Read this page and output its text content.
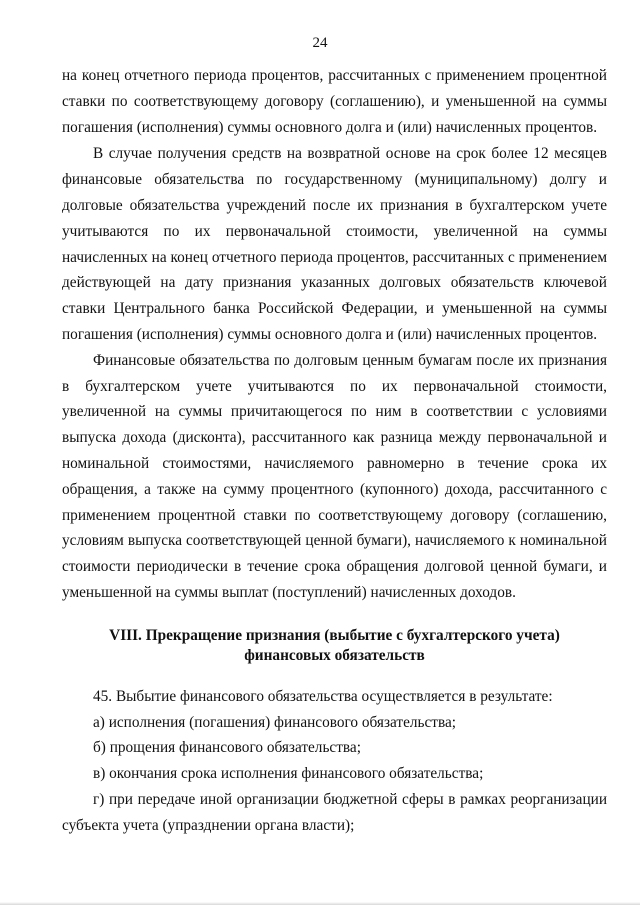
24

на конец отчетного периода процентов, рассчитанных с применением процентной ставки по соответствующему договору (соглашению), и уменьшенной на суммы погашения (исполнения) суммы основного долга и (или) начисленных процентов.

В случае получения средств на возвратной основе на срок более 12 месяцев финансовые обязательства по государственному (муниципальному) долгу и долговые обязательства учреждений после их признания в бухгалтерском учете учитываются по их первоначальной стоимости, увеличенной на суммы начисленных на конец отчетного периода процентов, рассчитанных с применением действующей на дату признания указанных долговых обязательств ключевой ставки Центрального банка Российской Федерации, и уменьшенной на суммы погашения (исполнения) суммы основного долга и (или) начисленных процентов.

Финансовые обязательства по долговым ценным бумагам после их признания в бухгалтерском учете учитываются по их первоначальной стоимости, увеличенной на суммы причитающегося по ним в соответствии с условиями выпуска дохода (дисконта), рассчитанного как разница между первоначальной и номинальной стоимостями, начисляемого равномерно в течение срока их обращения, а также на сумму процентного (купонного) дохода, рассчитанного с применением процентной ставки по соответствующему договору (соглашению, условиям выпуска соответствующей ценной бумаги), начисляемого к номинальной стоимости периодически в течение срока обращения долговой ценной бумаги, и уменьшенной на суммы выплат (поступлений) начисленных доходов.

VIII. Прекращение признания (выбытие с бухгалтерского учета)
финансовых обязательств

45. Выбытие финансового обязательства осуществляется в результате:

а) исполнения (погашения) финансового обязательства;

б) прощения финансового обязательства;

в) окончания срока исполнения финансового обязательства;

г) при передаче иной организации бюджетной сферы в рамках реорганизации субъекта учета (упразднении органа власти);
